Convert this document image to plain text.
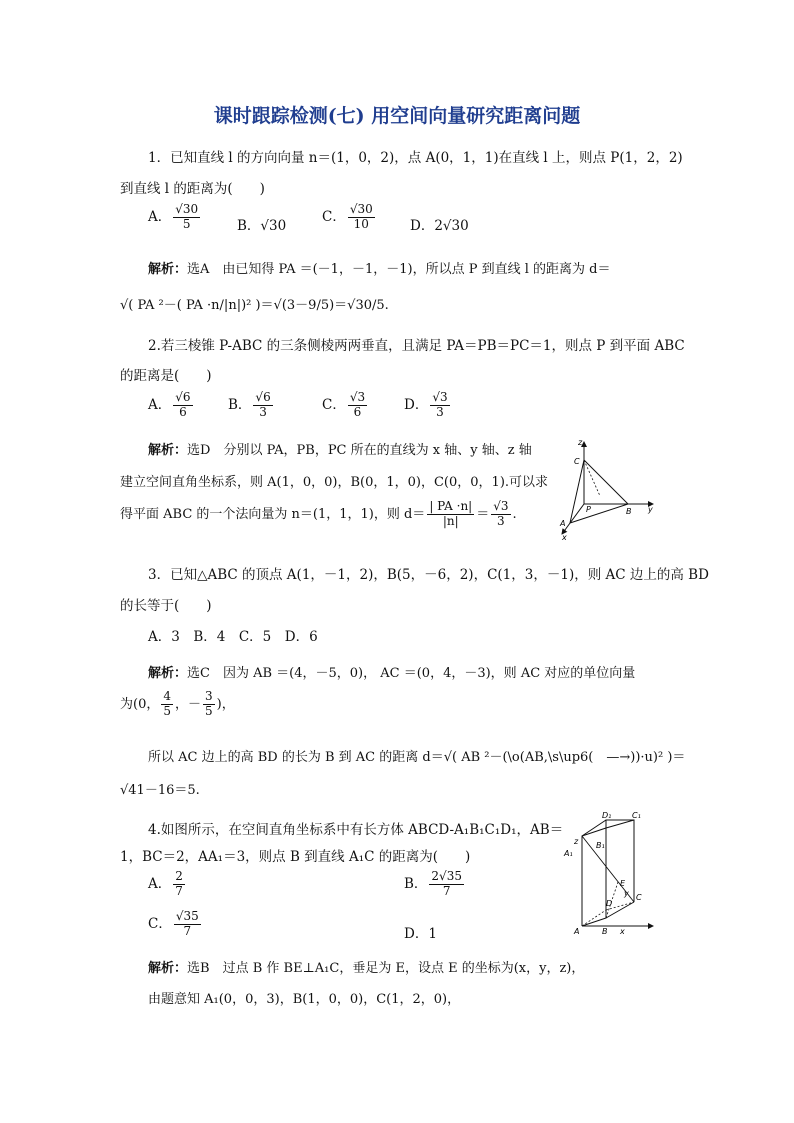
课时跟踪检测(七) 用空间向量研究距离问题
1．已知直线 l 的方向向量 n＝(1，0，2)，点 A(0，1，1)在直线 l 上，则点 P(1，2，2)
到直线 l 的距离为(　　)
A． $\frac{√30}{5}$	B．√30
C． $\frac{√30}{10}$	D．2√30
解析：选A　由已知得 PA ＝(－1，－1，－1)，所以点 P 到直线 l 的距离为 d＝
√( PA ²－( PA ·n/|n|)² )＝√(3－9/5)＝√30/5.
2.若三棱锥 P-ABC 的三条侧棱两两垂直，且满足 PA＝PB＝PC＝1，则点 P 到平面 ABC
的距离是(　　)
A． $\frac{√6}{6}$	B． $\frac{√6}{3}$	C． $\frac{√3}{6}$	D． $\frac{√3}{3}$
解析：选D　分别以 PA，PB，PC 所在的直线为 x 轴、y 轴、z 轴
建立空间直角坐标系，则 A(1，0，0)，B(0，1，0)，C(0，0，1).可以求
得平面 ABC 的一个法向量为 n＝(1，1，1)，则 $d= \frac{| PA \cdot n|}{|n|} = \frac{√3}{3}$ .
z
C
P	B y
A
x
3．已知△ABC 的顶点 A(1，－1，2)，B(5，－6，2)，C(1，3，－1)，则 AC 边上的高 BD
的长等于(　　)
A．3　B．4　C．5　D．6
解析：选C　因为 AB ＝(4，－5，0)， AC ＝(0，4，－3)，则 AC 对应的单位向量
为(0， $\frac{4}{5}$ ，－ $\frac{3}{5}$ )，
所以 AC 边上的高 BD 的长为 B 到 AC 的距离 d＝√( AB ²－(\o(AB,\s\up6(　—→))·u)² )＝
√41－16＝5.
4.如图所示，在空间直角坐标系中有长方体 ABCD-A₁B₁C₁D₁，AB＝
1，BC＝2，AA₁＝3，则点 B 到直线 A₁C 的距离为(　　)
A． $\frac{2}{7}$	B． $\frac{2√35}{7}$
C． $\frac{√35}{7}$	D．1
解析：选B　过点 B 作 BE⊥A₁C，垂足为 E，设点 E 的坐标为(x，y，z)，
由题意知 A₁(0，0，3)，B(1，0，0)，C(1，2，0)，
D₁	C₁
z
A₁
B₁
E
y
D
C
A	B x
